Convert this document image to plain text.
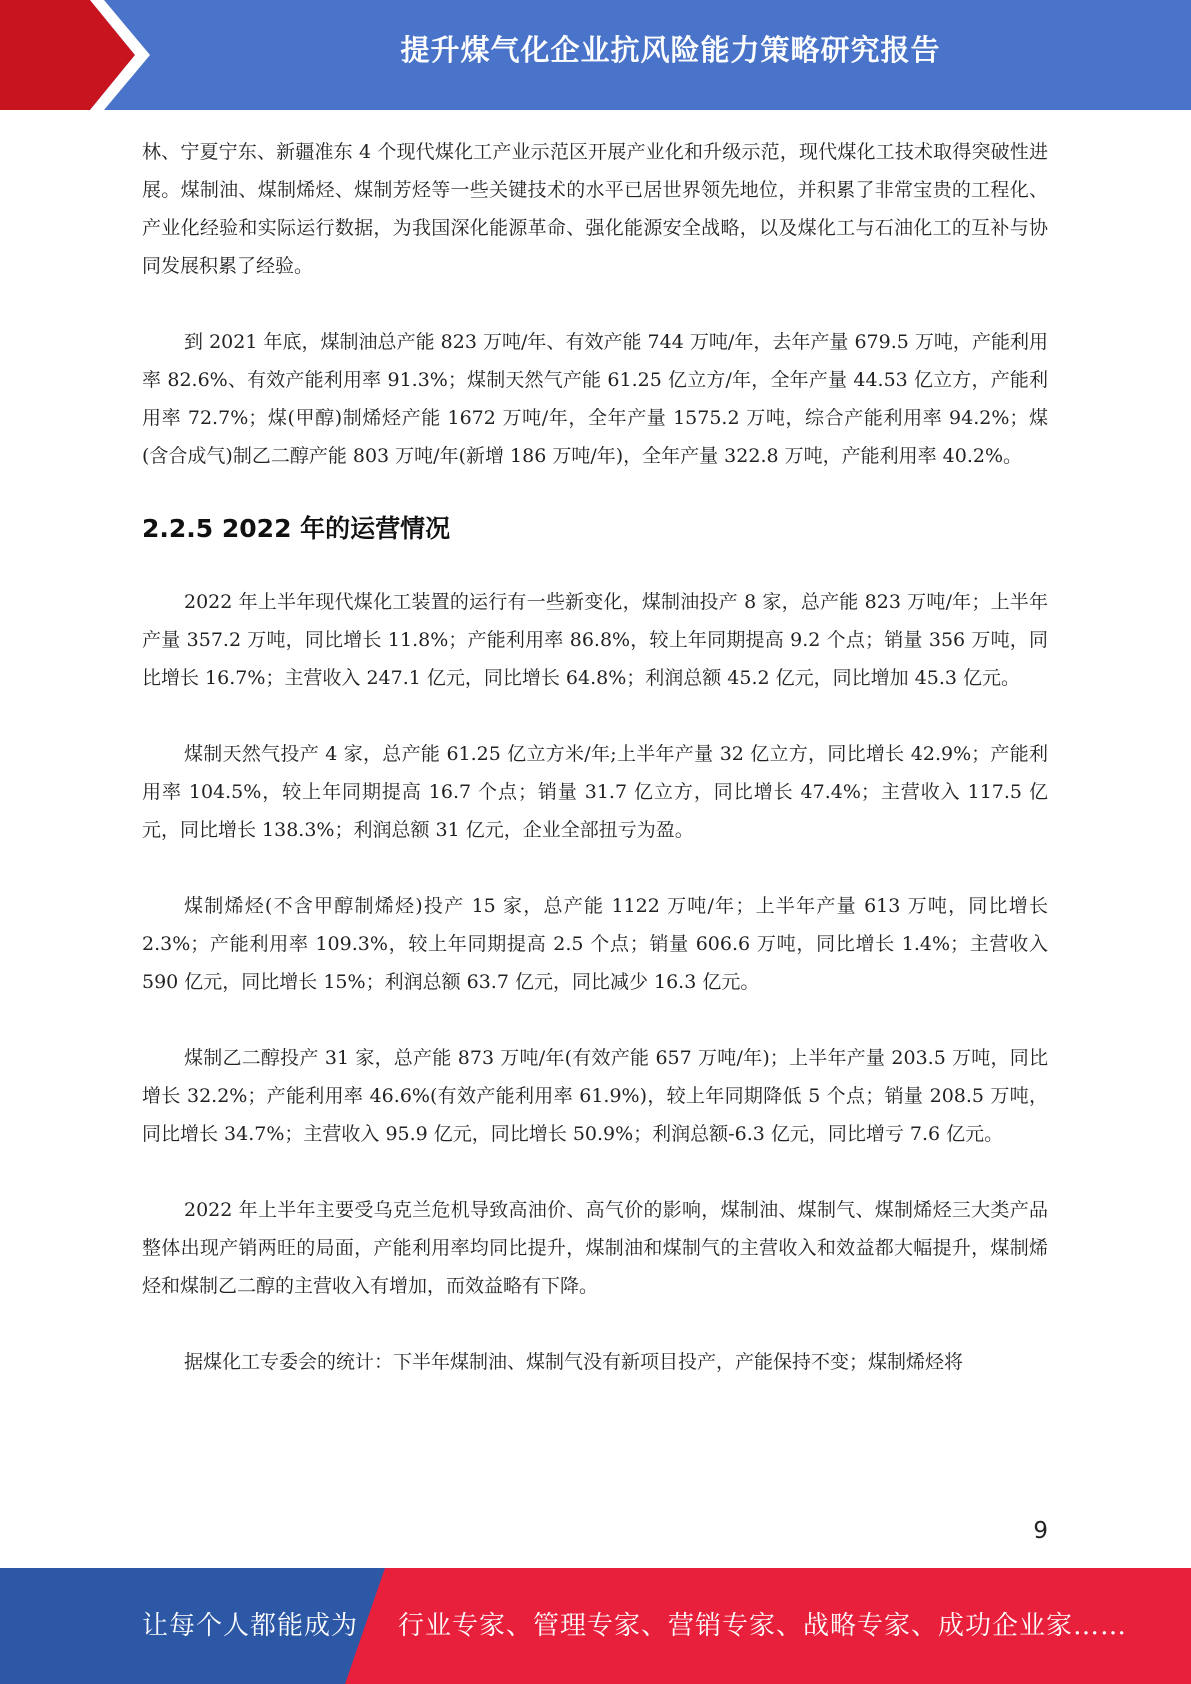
提升煤气化企业抗风险能力策略研究报告

林、宁夏宁东、新疆准东 4 个现代煤化工产业示范区开展产业化和升级示范，现代煤化工技术取得突破性进展。煤制油、煤制烯烃、煤制芳烃等一些关键技术的水平已居世界领先地位，并积累了非常宝贵的工程化、产业化经验和实际运行数据，为我国深化能源革命、强化能源安全战略，以及煤化工与石油化工的互补与协同发展积累了经验。

到 2021 年底，煤制油总产能 823 万吨/年、有效产能 744 万吨/年，去年产量 679.5 万吨，产能利用率 82.6%、有效产能利用率 91.3%；煤制天然气产能 61.25 亿立方/年，全年产量 44.53 亿立方，产能利用率 72.7%；煤(甲醇)制烯烃产能 1672 万吨/年，全年产量 1575.2 万吨，综合产能利用率 94.2%；煤(含合成气)制乙二醇产能 803 万吨/年(新增 186 万吨/年)，全年产量 322.8 万吨，产能利用率 40.2%。

2.2.5 2022 年的运营情况

2022 年上半年现代煤化工装置的运行有一些新变化，煤制油投产 8 家，总产能 823 万吨/年；上半年产量 357.2 万吨，同比增长 11.8%；产能利用率 86.8%，较上年同期提高 9.2 个点；销量 356 万吨，同比增长 16.7%；主营收入 247.1 亿元，同比增长 64.8%；利润总额 45.2 亿元，同比增加 45.3 亿元。

煤制天然气投产 4 家，总产能 61.25 亿立方米/年;上半年产量 32 亿立方，同比增长 42.9%；产能利用率 104.5%，较上年同期提高 16.7 个点；销量 31.7 亿立方，同比增长 47.4%；主营收入 117.5 亿元，同比增长 138.3%；利润总额 31 亿元，企业全部扭亏为盈。

煤制烯烃(不含甲醇制烯烃)投产 15 家，总产能 1122 万吨/年；上半年产量 613 万吨，同比增长 2.3%；产能利用率 109.3%，较上年同期提高 2.5 个点；销量 606.6 万吨，同比增长 1.4%；主营收入 590 亿元，同比增长 15%；利润总额 63.7 亿元，同比减少 16.3 亿元。

煤制乙二醇投产 31 家，总产能 873 万吨/年(有效产能 657 万吨/年)；上半年产量 203.5 万吨，同比增长 32.2%；产能利用率 46.6%(有效产能利用率 61.9%)，较上年同期降低 5 个点；销量 208.5 万吨，同比增长 34.7%；主营收入 95.9 亿元，同比增长 50.9%；利润总额-6.3 亿元，同比增亏 7.6 亿元。

2022 年上半年主要受乌克兰危机导致高油价、高气价的影响，煤制油、煤制气、煤制烯烃三大类产品整体出现产销两旺的局面，产能利用率均同比提升，煤制油和煤制气的主营收入和效益都大幅提升，煤制烯烃和煤制乙二醇的主营收入有增加，而效益略有下降。

据煤化工专委会的统计：下半年煤制油、煤制气没有新项目投产，产能保持不变；煤制烯烃将

9
让每个人都能成为 行业专家、管理专家、营销专家、战略专家、成功企业家……
